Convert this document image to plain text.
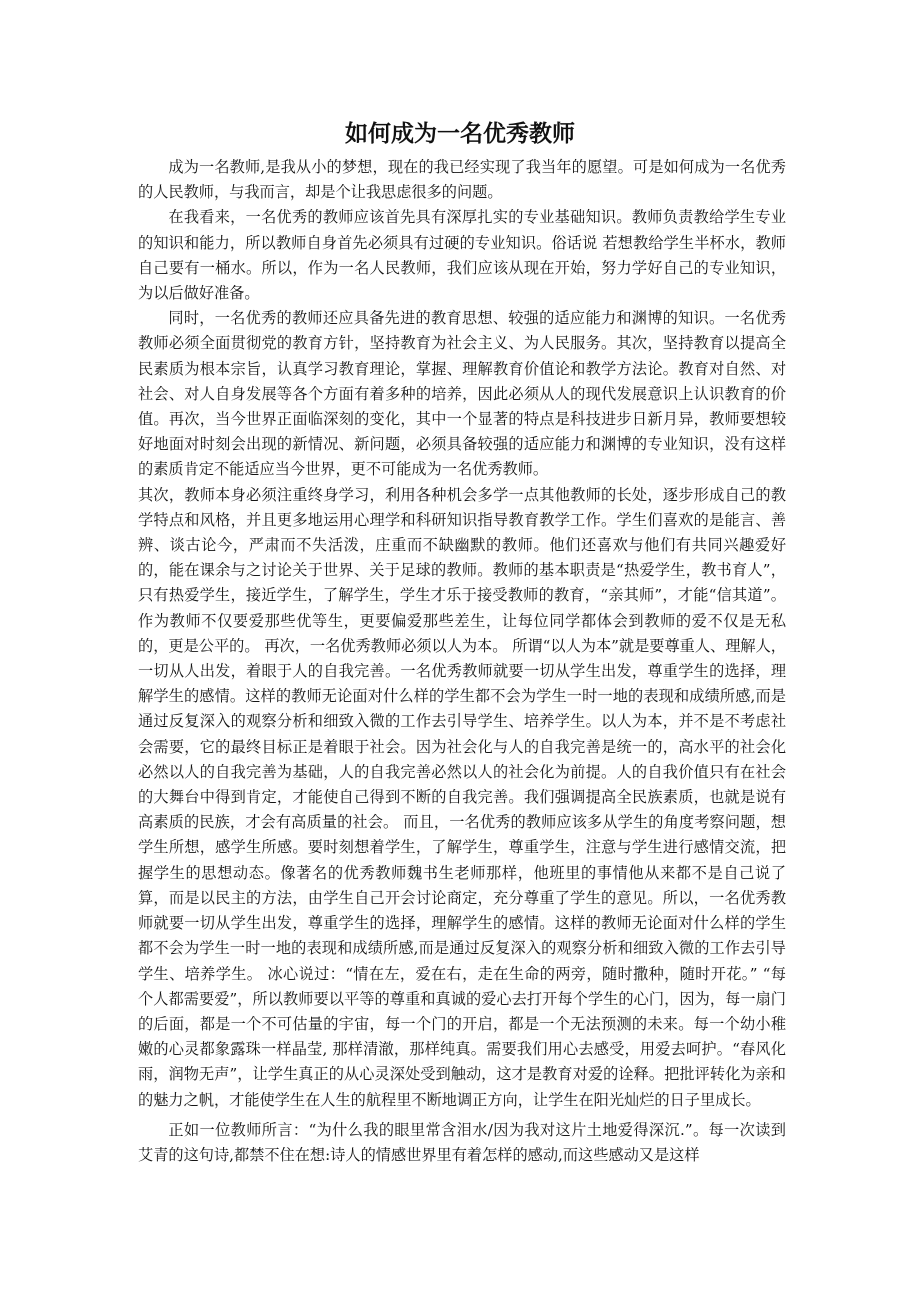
如何成为一名优秀教师

成为一名教师,是我从小的梦想，现在的我已经实现了我当年的愿望。可是如何成为一名优秀的人民教师，与我而言，却是个让我思虑很多的问题。

在我看来，一名优秀的教师应该首先具有深厚扎实的专业基础知识。教师负责教给学生专业的知识和能力，所以教师自身首先必须具有过硬的专业知识。俗话说 若想教给学生半杯水，教师自己要有一桶水。所以，作为一名人民教师，我们应该从现在开始，努力学好自己的专业知识，为以后做好准备。

同时，一名优秀的教师还应具备先进的教育思想、较强的适应能力和渊博的知识。一名优秀教师必须全面贯彻党的教育方针，坚持教育为社会主义、为人民服务。其次，坚持教育以提高全民素质为根本宗旨，认真学习教育理论，掌握、理解教育价值论和教学方法论。教育对自然、对社会、对人自身发展等各个方面有着多种的培养，因此必须从人的现代发展意识上认识教育的价值。再次，当今世界正面临深刻的变化，其中一个显著的特点是科技进步日新月异，教师要想较好地面对时刻会出现的新情况、新问题，必须具备较强的适应能力和渊博的专业知识，没有这样的素质肯定不能适应当今世界，更不可能成为一名优秀教师。

其次，教师本身必须注重终身学习，利用各种机会多学一点其他教师的长处，逐步形成自己的教学特点和风格，并且更多地运用心理学和科研知识指导教育教学工作。学生们喜欢的是能言、善辨、谈古论今，严肃而不失活泼，庄重而不缺幽默的教师。他们还喜欢与他们有共同兴趣爱好的，能在课余与之讨论关于世界、关于足球的教师。教师的基本职责是“热爱学生，教书育人”，只有热爱学生，接近学生，了解学生，学生才乐于接受教师的教育，“亲其师”，才能“信其道”。作为教师不仅要爱那些优等生，更要偏爱那些差生，让每位同学都体会到教师的爱不仅是无私的，更是公平的。 再次，一名优秀教师必须以人为本。 所谓“以人为本”就是要尊重人、理解人，一切从人出发，着眼于人的自我完善。一名优秀教师就要一切从学生出发，尊重学生的选择，理解学生的感情。这样的教师无论面对什么样的学生都不会为学生一时一地的表现和成绩所感,而是通过反复深入的观察分析和细致入微的工作去引导学生、培养学生。以人为本，并不是不考虑社会需要，它的最终目标正是着眼于社会。因为社会化与人的自我完善是统一的，高水平的社会化必然以人的自我完善为基础，人的自我完善必然以人的社会化为前提。人的自我价值只有在社会的大舞台中得到肯定，才能使自己得到不断的自我完善。我们强调提高全民族素质，也就是说有高素质的民族，才会有高质量的社会。 而且，一名优秀的教师应该多从学生的角度考察问题，想学生所想，感学生所感。要时刻想着学生，了解学生，尊重学生，注意与学生进行感情交流，把握学生的思想动态。像著名的优秀教师魏书生老师那样，他班里的事情他从来都不是自己说了算，而是以民主的方法，由学生自己开会讨论商定，充分尊重了学生的意见。所以，一名优秀教师就要一切从学生出发，尊重学生的选择，理解学生的感情。这样的教师无论面对什么样的学生都不会为学生一时一地的表现和成绩所感,而是通过反复深入的观察分析和细致入微的工作去引导学生、培养学生。 冰心说过：“情在左，爱在右，走在生命的两旁，随时撒种，随时开花。” “每个人都需要爱”，所以教师要以平等的尊重和真诚的爱心去打开每个学生的心门，因为，每一扇门的后面，都是一个不可估量的宇宙，每一个门的开启，都是一个无法预测的未来。每一个幼小稚嫩的心灵都象露珠一样晶莹, 那样清澈，那样纯真。需要我们用心去感受，用爱去呵护。“春风化雨，润物无声”，让学生真正的从心灵深处受到触动，这才是教育对爱的诠释。把批评转化为亲和的魅力之帆，才能使学生在人生的航程里不断地调正方向，让学生在阳光灿烂的日子里成长。

正如一位教师所言：“为什么我的眼里常含泪水/因为我对这片土地爱得深沉.”。每一次读到艾青的这句诗,都禁不住在想:诗人的情感世界里有着怎样的感动,而这些感动又是这样
